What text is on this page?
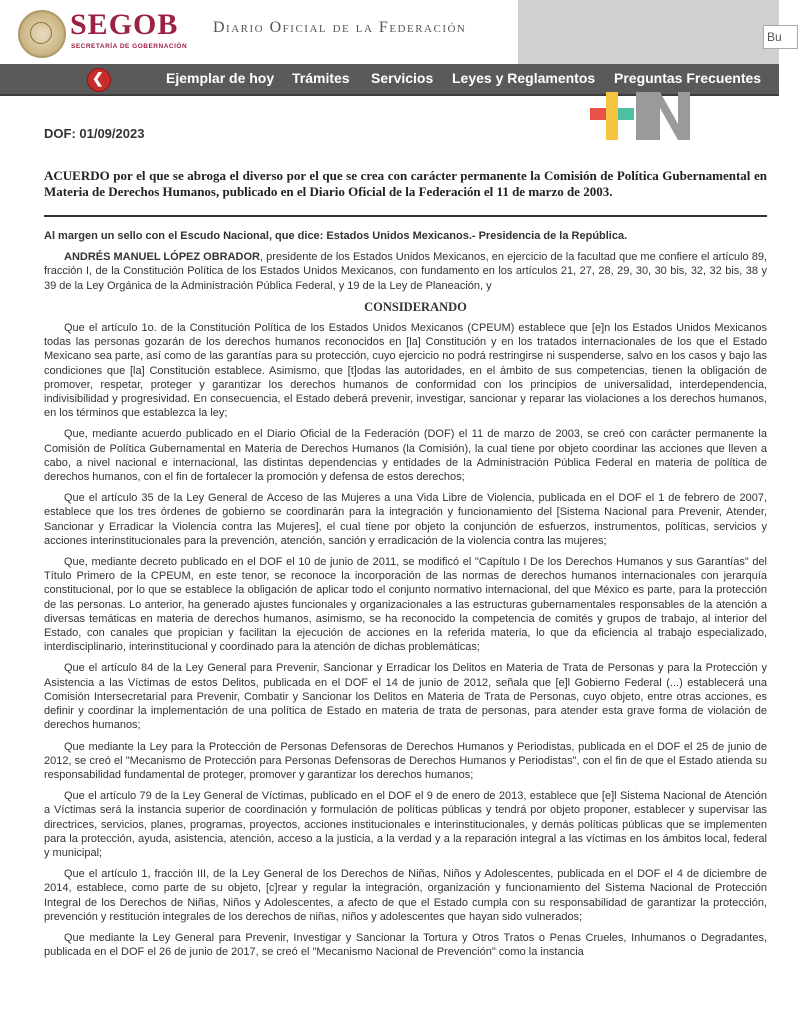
SEGOB
SECRETARÍA DE GOBERNACIÓN
Diario Oficial de la Federación
Bu
❮	Ejemplar de hoy Trámites Servicios Leyes y Reglamentos Preguntas Frecuentes
DOF: 01/09/2023
ACUERDO por el que se abroga el diverso por el que se crea con carácter permanente la Comisión de Política Gubernamental en Materia de Derechos Humanos, publicado en el Diario Oficial de la Federación el 11 de marzo de 2003.

Al margen un sello con el Escudo Nacional, que dice: Estados Unidos Mexicanos.- Presidencia de la República.

ANDRÉS MANUEL LÓPEZ OBRADOR, presidente de los Estados Unidos Mexicanos, en ejercicio de la facultad que me confiere el artículo 89, fracción I, de la Constitución Política de los Estados Unidos Mexicanos, con fundamento en los artículos 21, 27, 28, 29, 30, 30 bis, 32, 32 bis, 38 y 39 de la Ley Orgánica de la Administración Pública Federal, y 19 de la Ley de Planeación, y

CONSIDERANDO

Que el artículo 1o. de la Constitución Política de los Estados Unidos Mexicanos (CPEUM) establece que [e]n los Estados Unidos Mexicanos todas las personas gozarán de los derechos humanos reconocidos en [la] Constitución y en los tratados internacionales de los que el Estado Mexicano sea parte, así como de las garantías para su protección, cuyo ejercicio no podrá restringirse ni suspenderse, salvo en los casos y bajo las condiciones que [la] Constitución establece. Asimismo, que [t]odas las autoridades, en el ámbito de sus competencias, tienen la obligación de promover, respetar, proteger y garantizar los derechos humanos de conformidad con los principios de universalidad, interdependencia, indivisibilidad y progresividad. En consecuencia, el Estado deberá prevenir, investigar, sancionar y reparar las violaciones a los derechos humanos, en los términos que establezca la ley;

Que, mediante acuerdo publicado en el Diario Oficial de la Federación (DOF) el 11 de marzo de 2003, se creó con carácter permanente la Comisión de Política Gubernamental en Materia de Derechos Humanos (la Comisión), la cual tiene por objeto coordinar las acciones que lleven a cabo, a nivel nacional e internacional, las distintas dependencias y entidades de la Administración Pública Federal en materia de política de derechos humanos, con el fin de fortalecer la promoción y defensa de estos derechos;

Que el artículo 35 de la Ley General de Acceso de las Mujeres a una Vida Libre de Violencia, publicada en el DOF el 1 de febrero de 2007, establece que los tres órdenes de gobierno se coordinarán para la integración y funcionamiento del [Sistema Nacional para Prevenir, Atender, Sancionar y Erradicar la Violencia contra las Mujeres], el cual tiene por objeto la conjunción de esfuerzos, instrumentos, políticas, servicios y acciones interinstitucionales para la prevención, atención, sanción y erradicación de la violencia contra las mujeres;

Que, mediante decreto publicado en el DOF el 10 de junio de 2011, se modificó el "Capítulo I De los Derechos Humanos y sus Garantías" del Título Primero de la CPEUM, en este tenor, se reconoce la incorporación de las normas de derechos humanos internacionales con jerarquía constitucional, por lo que se establece la obligación de aplicar todo el conjunto normativo internacional, del que México es parte, para la protección de las personas. Lo anterior, ha generado ajustes funcionales y organizacionales a las estructuras gubernamentales responsables de la atención a diversas temáticas en materia de derechos humanos, asimismo, se ha reconocido la competencia de comités y grupos de trabajo, al interior del Estado, con canales que propician y facilitan la ejecución de acciones en la referida materia, lo que da eficiencia al trabajo especializado, interdisciplinario, interinstitucional y coordinado para la atención de dichas problemáticas;

Que el artículo 84 de la Ley General para Prevenir, Sancionar y Erradicar los Delitos en Materia de Trata de Personas y para la Protección y Asistencia a las Víctimas de estos Delitos, publicada en el DOF el 14 de junio de 2012, señala que [e]l Gobierno Federal (...) establecerá una Comisión Intersecretarial para Prevenir, Combatir y Sancionar los Delitos en Materia de Trata de Personas, cuyo objeto, entre otras acciones, es definir y coordinar la implementación de una política de Estado en materia de trata de personas, para atender esta grave forma de violación de derechos humanos;

Que mediante la Ley para la Protección de Personas Defensoras de Derechos Humanos y Periodistas, publicada en el DOF el 25 de junio de 2012, se creó el "Mecanismo de Protección para Personas Defensoras de Derechos Humanos y Periodistas", con el fin de que el Estado atienda su responsabilidad fundamental de proteger, promover y garantizar los derechos humanos;

Que el artículo 79 de la Ley General de Víctimas, publicado en el DOF el 9 de enero de 2013, establece que [e]l Sistema Nacional de Atención a Víctimas será la instancia superior de coordinación y formulación de políticas públicas y tendrá por objeto proponer, establecer y supervisar las directrices, servicios, planes, programas, proyectos, acciones institucionales e interinstitucionales, y demás políticas públicas que se implementen para la protección, ayuda, asistencia, atención, acceso a la justicia, a la verdad y a la reparación integral a las víctimas en los ámbitos local, federal y municipal;

Que el artículo 1, fracción III, de la Ley General de los Derechos de Niñas, Niños y Adolescentes, publicada en el DOF el 4 de diciembre de 2014, establece, como parte de su objeto, [c]rear y regular la integración, organización y funcionamiento del Sistema Nacional de Protección Integral de los Derechos de Niñas, Niños y Adolescentes, a afecto de que el Estado cumpla con su responsabilidad de garantizar la protección, prevención y restitución integrales de los derechos de niñas, niños y adolescentes que hayan sido vulnerados;

Que mediante la Ley General para Prevenir, Investigar y Sancionar la Tortura y Otros Tratos o Penas Crueles, Inhumanos o Degradantes, publicada en el DOF el 26 de junio de 2017, se creó el "Mecanismo Nacional de Prevención" como la instancia
